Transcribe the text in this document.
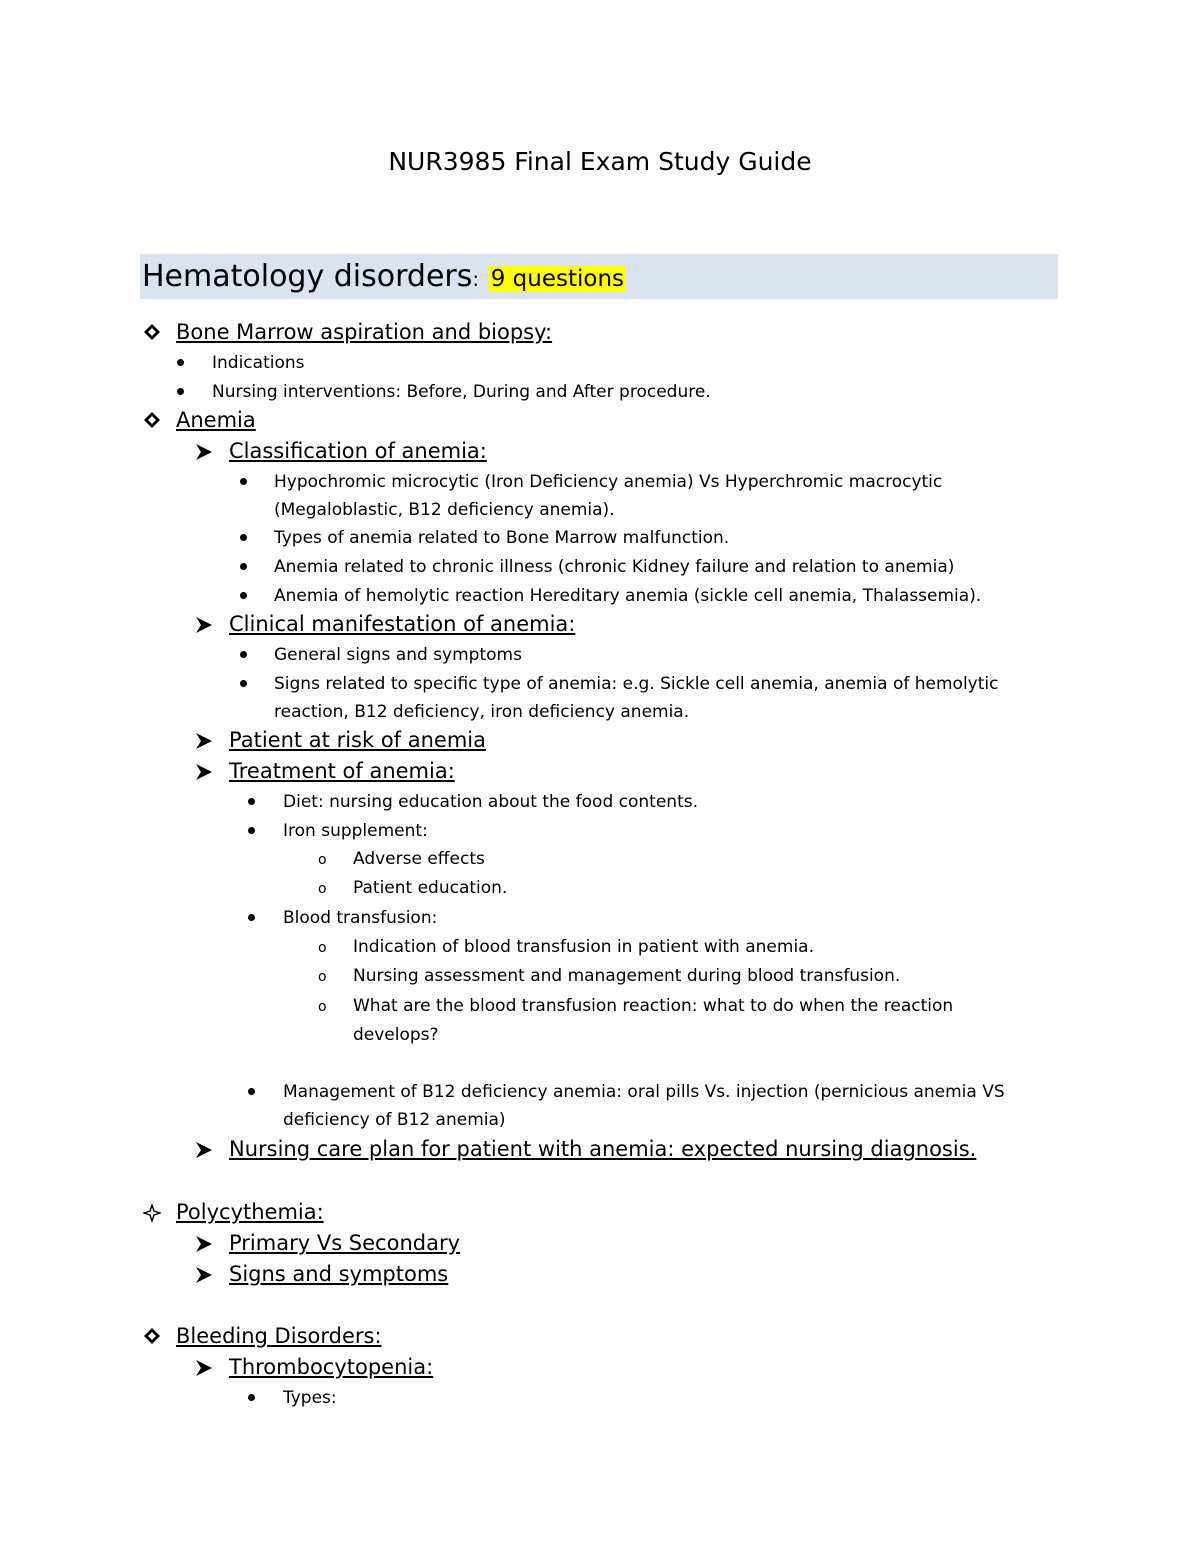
NUR3985 Final Exam Study Guide
Hematology disorders: 9 questions
Bone Marrow aspiration and biopsy:
Indications
Nursing interventions: Before, During and After procedure.
Anemia
Classification of anemia:
Hypochromic microcytic (Iron Deficiency anemia) Vs Hyperchromic macrocytic
(Megaloblastic, B12 deficiency anemia).
Types of anemia related to Bone Marrow malfunction.
Anemia related to chronic illness (chronic Kidney failure and relation to anemia)
Anemia of hemolytic reaction Hereditary anemia (sickle cell anemia, Thalassemia).
Clinical manifestation of anemia:
General signs and symptoms
Signs related to specific type of anemia: e.g. Sickle cell anemia, anemia of hemolytic
reaction, B12 deficiency, iron deficiency anemia.
Patient at risk of anemia
Treatment of anemia:
Diet: nursing education about the food contents.
Iron supplement:
o Adverse effects
o Patient education.
Blood transfusion:
o Indication of blood transfusion in patient with anemia.
o Nursing assessment and management during blood transfusion.
o What are the blood transfusion reaction: what to do when the reaction
develops?
Management of B12 deficiency anemia: oral pills Vs. injection (pernicious anemia VS
deficiency of B12 anemia)
Nursing care plan for patient with anemia: expected nursing diagnosis.
Polycythemia:
Primary Vs Secondary
Signs and symptoms
Bleeding Disorders:
Thrombocytopenia:
Types:
